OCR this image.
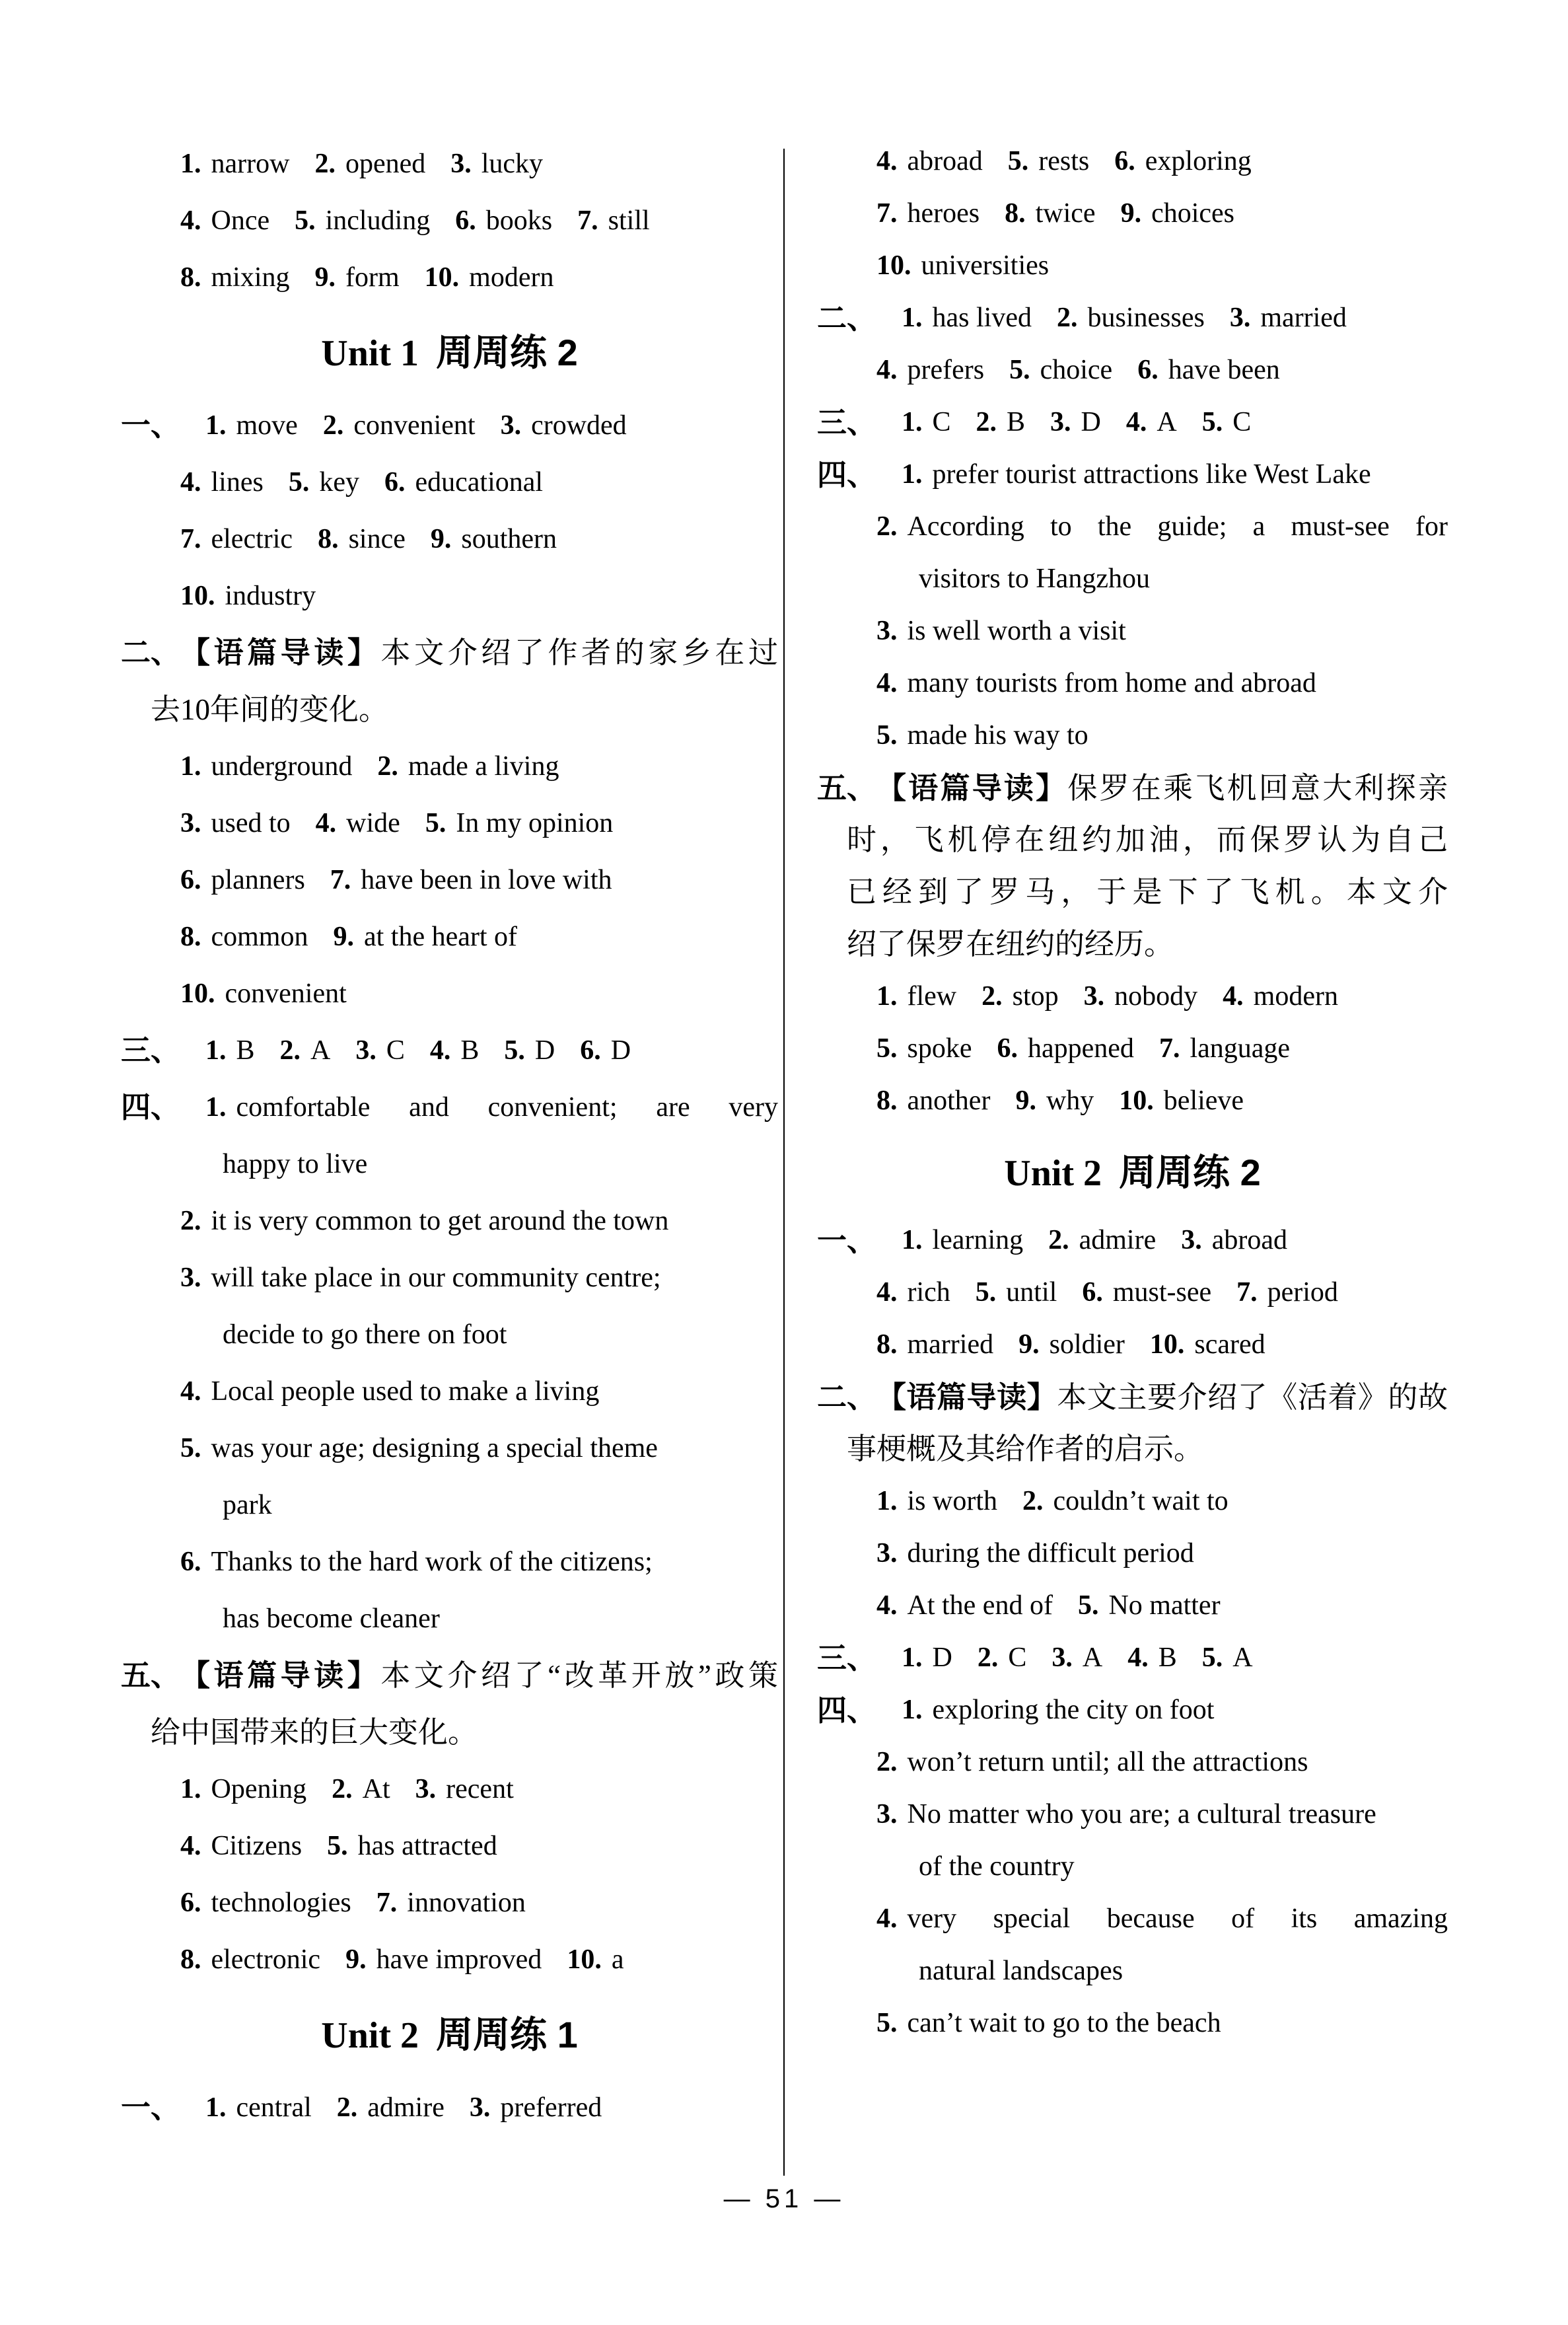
1. narrow 2. opened 3. lucky
4. Once 5. including 6. books 7. still
8. mixing 9. form 10. modern
Unit 1 周周练 2
一、 1. move 2. convenient 3. crowded
4. lines 5. key 6. educational
7. electric 8. since 9. southern
10. industry
二、 【语篇导读】本文介绍了作者的家乡在过
去10年间的变化。
1. underground 2. made a living
3. used to 4. wide 5. In my opinion
6. planners 7. have been in love with
8. common 9. at the heart of
10. convenient
三、 1. B 2. A 3. C 4. B 5. D 6. D
四、 1. comfortable and convenient; are very
happy to live
2. it is very common to get around the town
3. will take place in our community centre;
decide to go there on foot
4. Local people used to make a living
5. was your age; designing a special theme
park
6. Thanks to the hard work of the citizens;
has become cleaner
五、 【语篇导读】本文介绍了“改革开放”政策
给中国带来的巨大变化。
1. Opening 2. At 3. recent
4. Citizens 5. has attracted
6. technologies 7. innovation
8. electronic 9. have improved 10. a
Unit 2 周周练 1
一、 1. central 2. admire 3. preferred
4. abroad 5. rests 6. exploring
7. heroes 8. twice 9. choices
10. universities
二、 1. has lived 2. businesses 3. married
4. prefers 5. choice 6. have been
三、 1. C 2. B 3. D 4. A 5. C
四、 1. prefer tourist attractions like West Lake
2. According to the guide; a must-see for
visitors to Hangzhou
3. is well worth a visit
4. many tourists from home and abroad
5. made his way to
五、 【语篇导读】保罗在乘飞机回意大利探亲
时，飞机停在纽约加油，而保罗认为自己
已经到了罗马，于是下了飞机。本文介
绍了保罗在纽约的经历。
1. flew 2. stop 3. nobody 4. modern
5. spoke 6. happened 7. language
8. another 9. why 10. believe
Unit 2 周周练 2
一、 1. learning 2. admire 3. abroad
4. rich 5. until 6. must-see 7. period
8. married 9. soldier 10. scared
二、 【语篇导读】本文主要介绍了《活着》的故
事梗概及其给作者的启示。
1. is worth 2. couldn’t wait to
3. during the difficult period
4. At the end of 5. No matter
三、 1. D 2. C 3. A 4. B 5. A
四、 1. exploring the city on foot
2. won’t return until; all the attractions
3. No matter who you are; a cultural treasure
of the country
4. very special because of its amazing
natural landscapes
5. can’t wait to go to the beach
— 51 —
